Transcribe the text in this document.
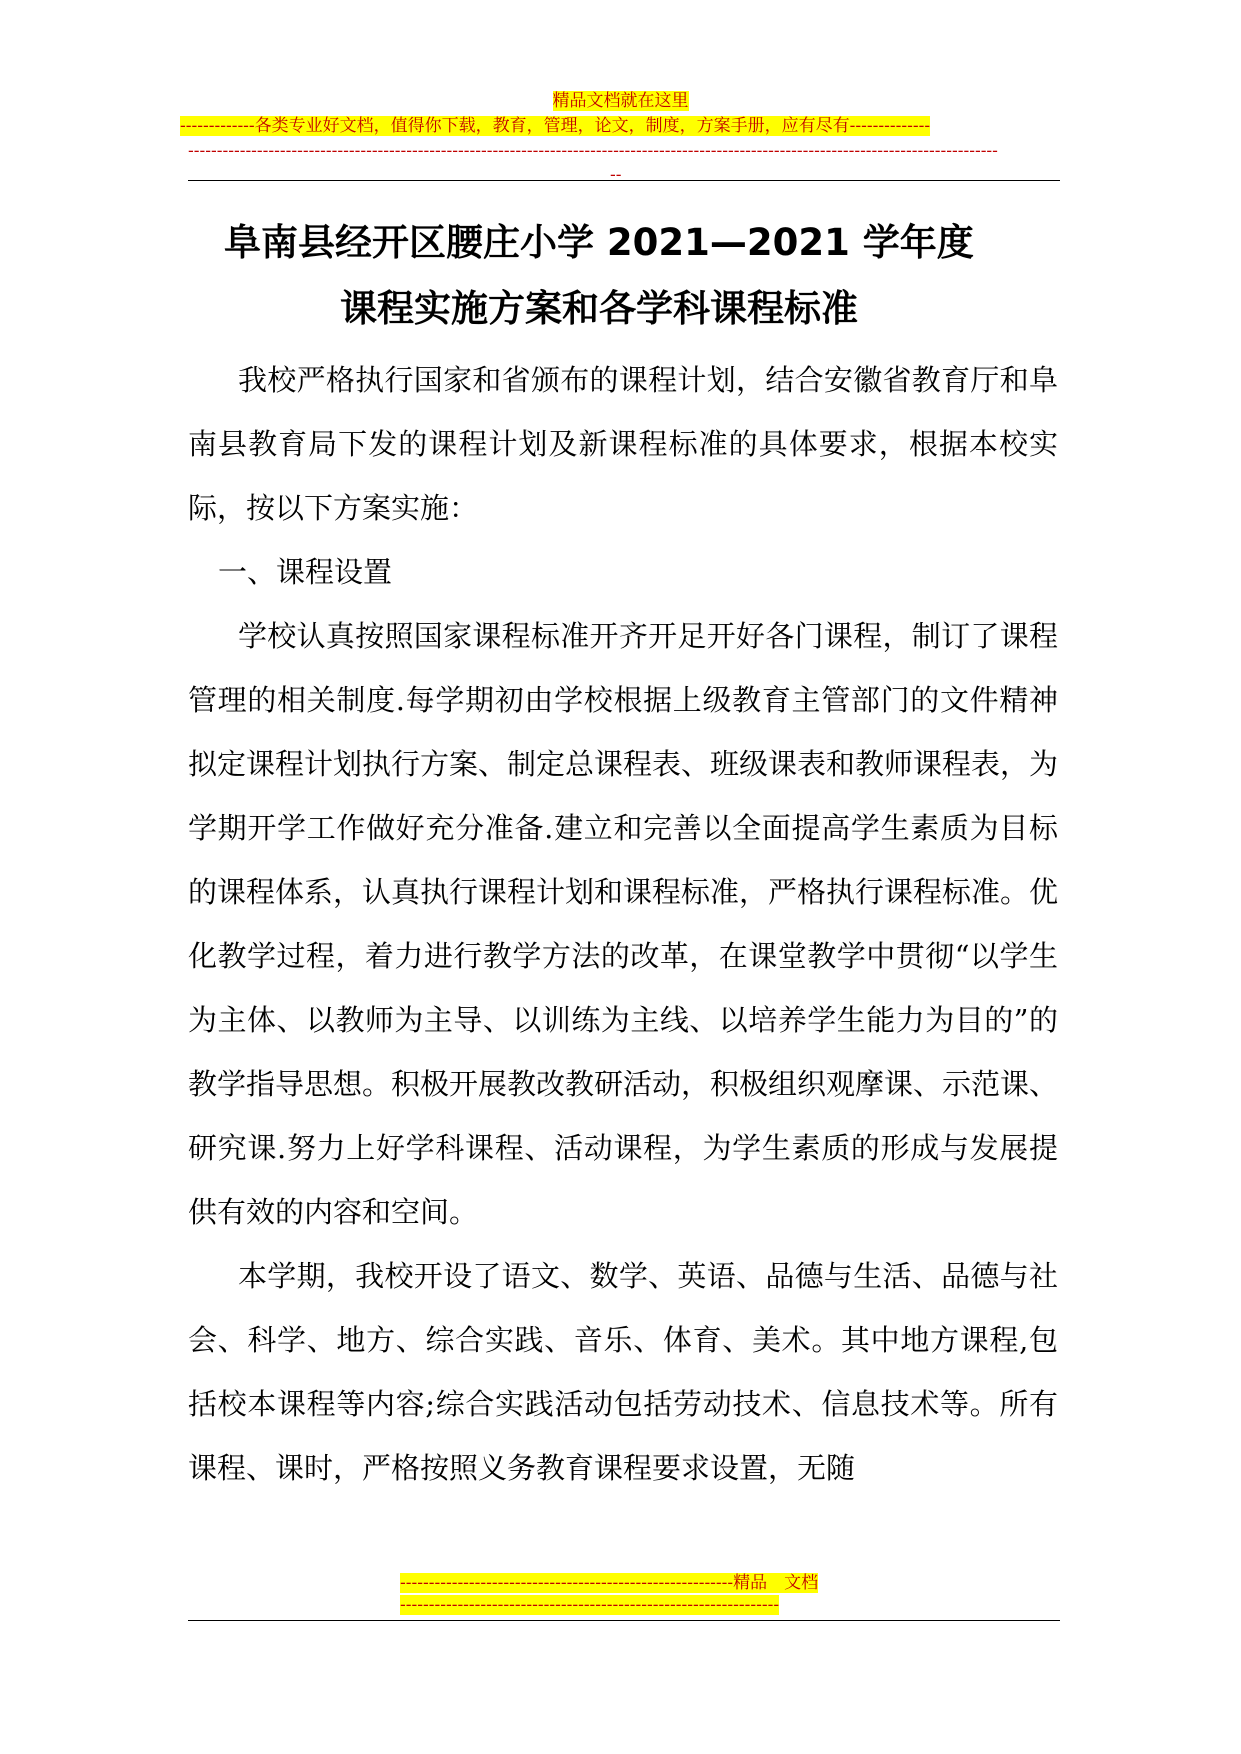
精品文档就在这里
-------------各类专业好文档，值得你下载，教育，管理，论文，制度，方案手册，应有尽有--------------
---------------------------------------------------------------------------------------------------------------------------------------------
--
阜南县经开区腰庄小学 2021—2021 学年度
课程实施方案和各学科课程标准

我校严格执行国家和省颁布的课程计划，结合安徽省教育厅和阜南县教育局下发的课程计划及新课程标准的具体要求，根据本校实际，按以下方案实施：

一、课程设置

学校认真按照国家课程标准开齐开足开好各门课程，制订了课程管理的相关制度.每学期初由学校根据上级教育主管部门的文件精神拟定课程计划执行方案、制定总课程表、班级课表和教师课程表，为学期开学工作做好充分准备.建立和完善以全面提高学生素质为目标的课程体系，认真执行课程计划和课程标准，严格执行课程标准。优化教学过程，着力进行教学方法的改革，在课堂教学中贯彻“以学生为主体、以教师为主导、以训练为主线、以培养学生能力为目的”的教学指导思想。积极开展教改教研活动，积极组织观摩课、示范课、研究课.努力上好学科课程、活动课程，为学生素质的形成与发展提供有效的内容和空间。

本学期，我校开设了语文、数学、英语、品德与生活、品德与社会、科学、地方、综合实践、音乐、体育、美术。其中地方课程,包括校本课程等内容;综合实践活动包括劳动技术、信息技术等。所有课程、课时，严格按照义务教育课程要求设置，无随

----------------------------------------------------------精品　文档
------------------------------------------------------------------
